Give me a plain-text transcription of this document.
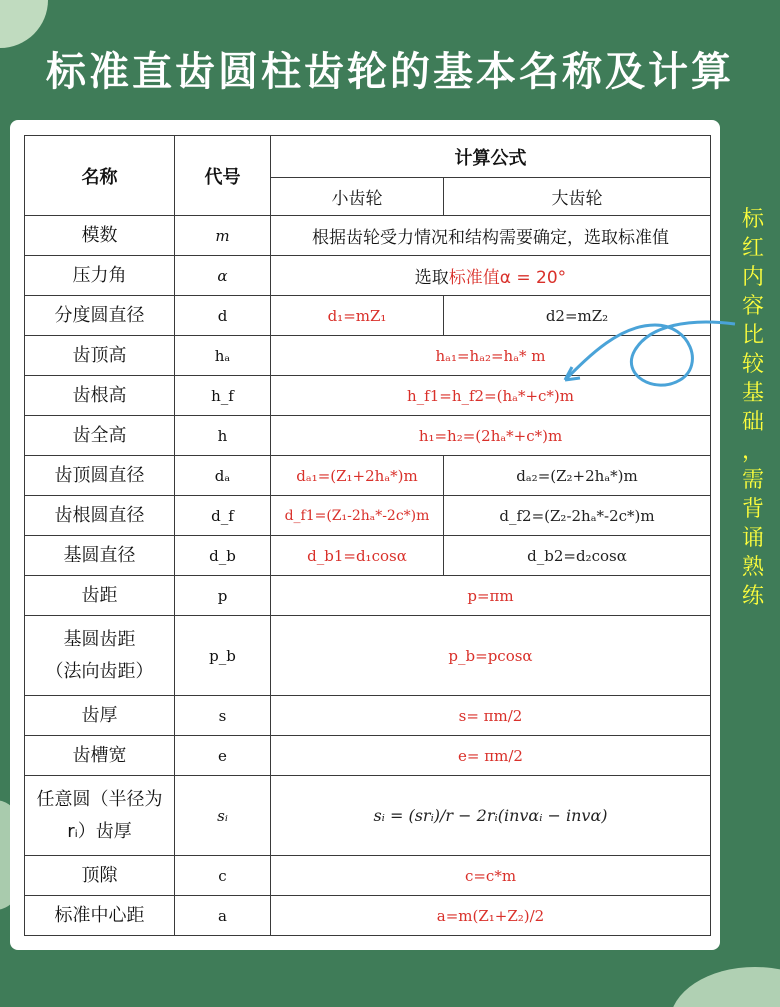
标准直齿圆柱齿轮的基本名称及计算
名称	代号	计算公式	
		小齿轮	大齿轮
模数	m	根据齿轮受力情况和结构需要确定，选取标准值	
压力角	α	选取标准值α = 20°	
分度圆直径	d	d₁=mZ₁	d2=mZ₂
齿顶高	hₐ	hₐ₁=hₐ₂=hₐ* m	
齿根高	h_f	h_f1=h_f2=(hₐ*+c*)m	
齿全高	h	h₁=h₂=(2hₐ*+c*)m	
齿顶圆直径	dₐ	dₐ₁=(Z₁+2hₐ*)m	dₐ₂=(Z₂+2hₐ*)m
齿根圆直径	d_f	d_f1=(Z₁-2hₐ*-2c*)m	d_f2=(Z₂-2hₐ*-2c*)m
基圆直径	d_b	d_b1=d₁cosα	d_b2=d₂cosα
齿距	p	p=πm	
基圆齿距
（法向齿距）	p_b	p_b=pcosα	
齿厚	s	s= πm/2	
齿槽宽	e	e= πm/2	
任意圆（半径为
rᵢ）齿厚	sᵢ	sᵢ = (srᵢ)/r − 2rᵢ(invαᵢ − invα)	
顶隙	c	c=c*m	
标准中心距	a	a=m(Z₁+Z₂)/2	
标
红
内
容
比
较
基
础
，
需
背
诵
熟
练
